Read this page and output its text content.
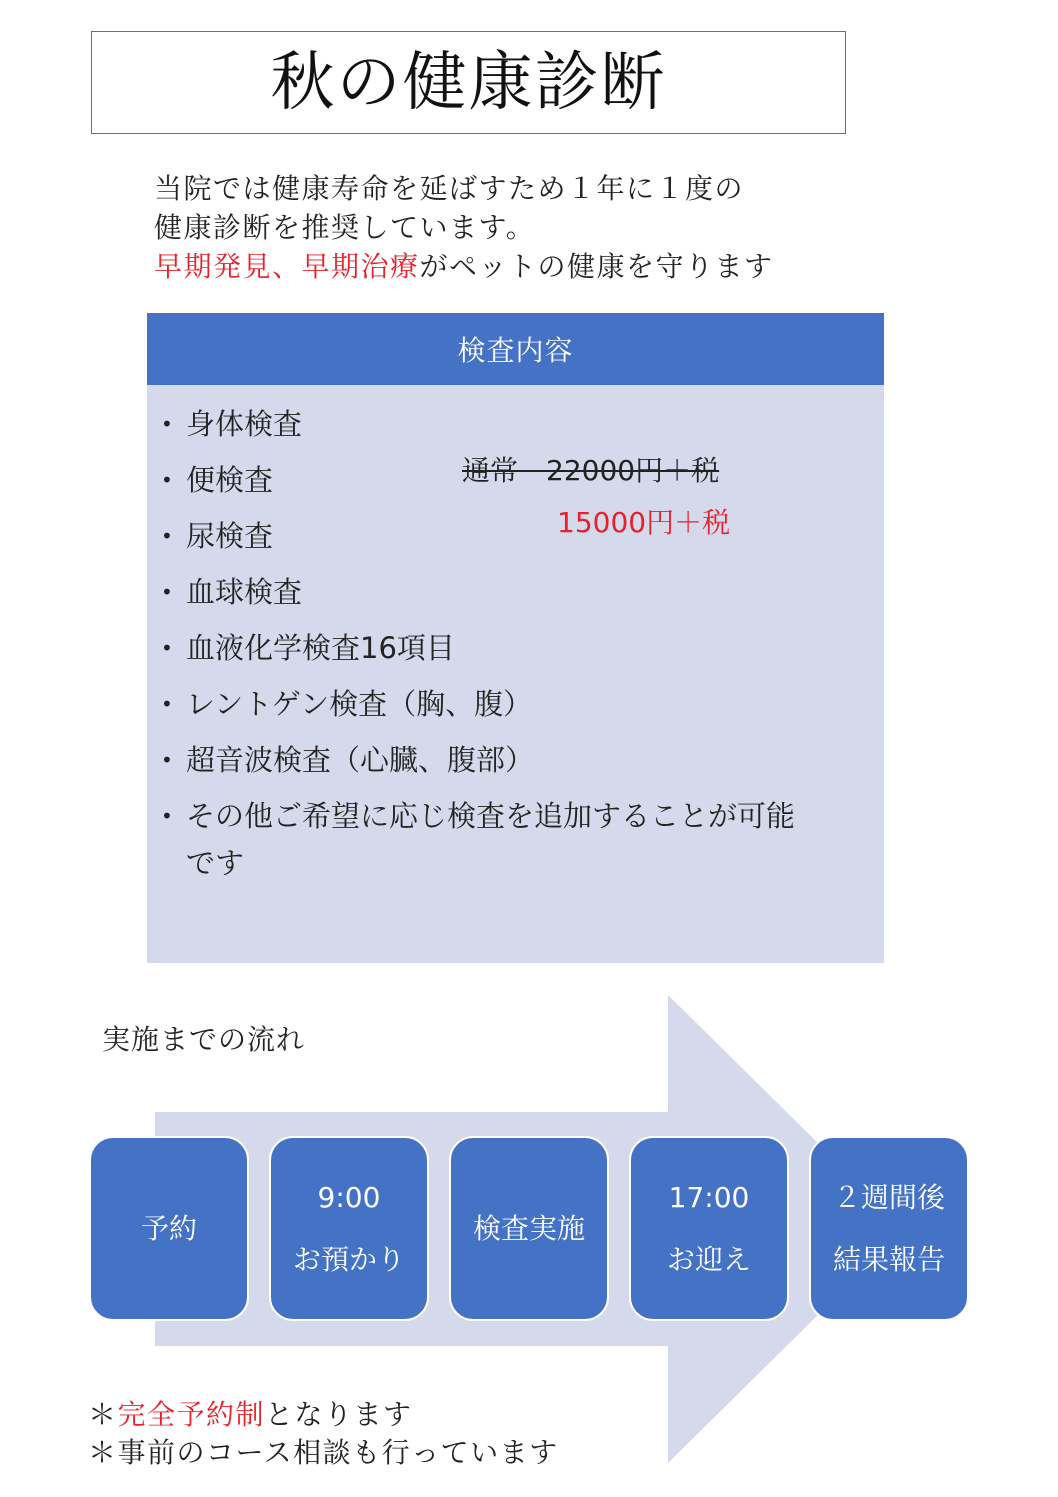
秋の健康診断
当院では健康寿命を延ばすため１年に１度の
健康診断を推奨しています。
早期発見、早期治療がペットの健康を守ります
検査内容
• 身体検査
• 便検査
• 尿検査
• 血球検査
• 血液化学検査16項目
• レントゲン検査（胸、腹）
• 超音波検査（心臓、腹部）
• その他ご希望に応じ検査を追加することが可能
です
通常　22000円＋税
15000円＋税
実施までの流れ
予約
9:00
お預かり
検査実施
17:00
お迎え
２週間後
結果報告
＊完全予約制となります
＊事前のコース相談も行っています
